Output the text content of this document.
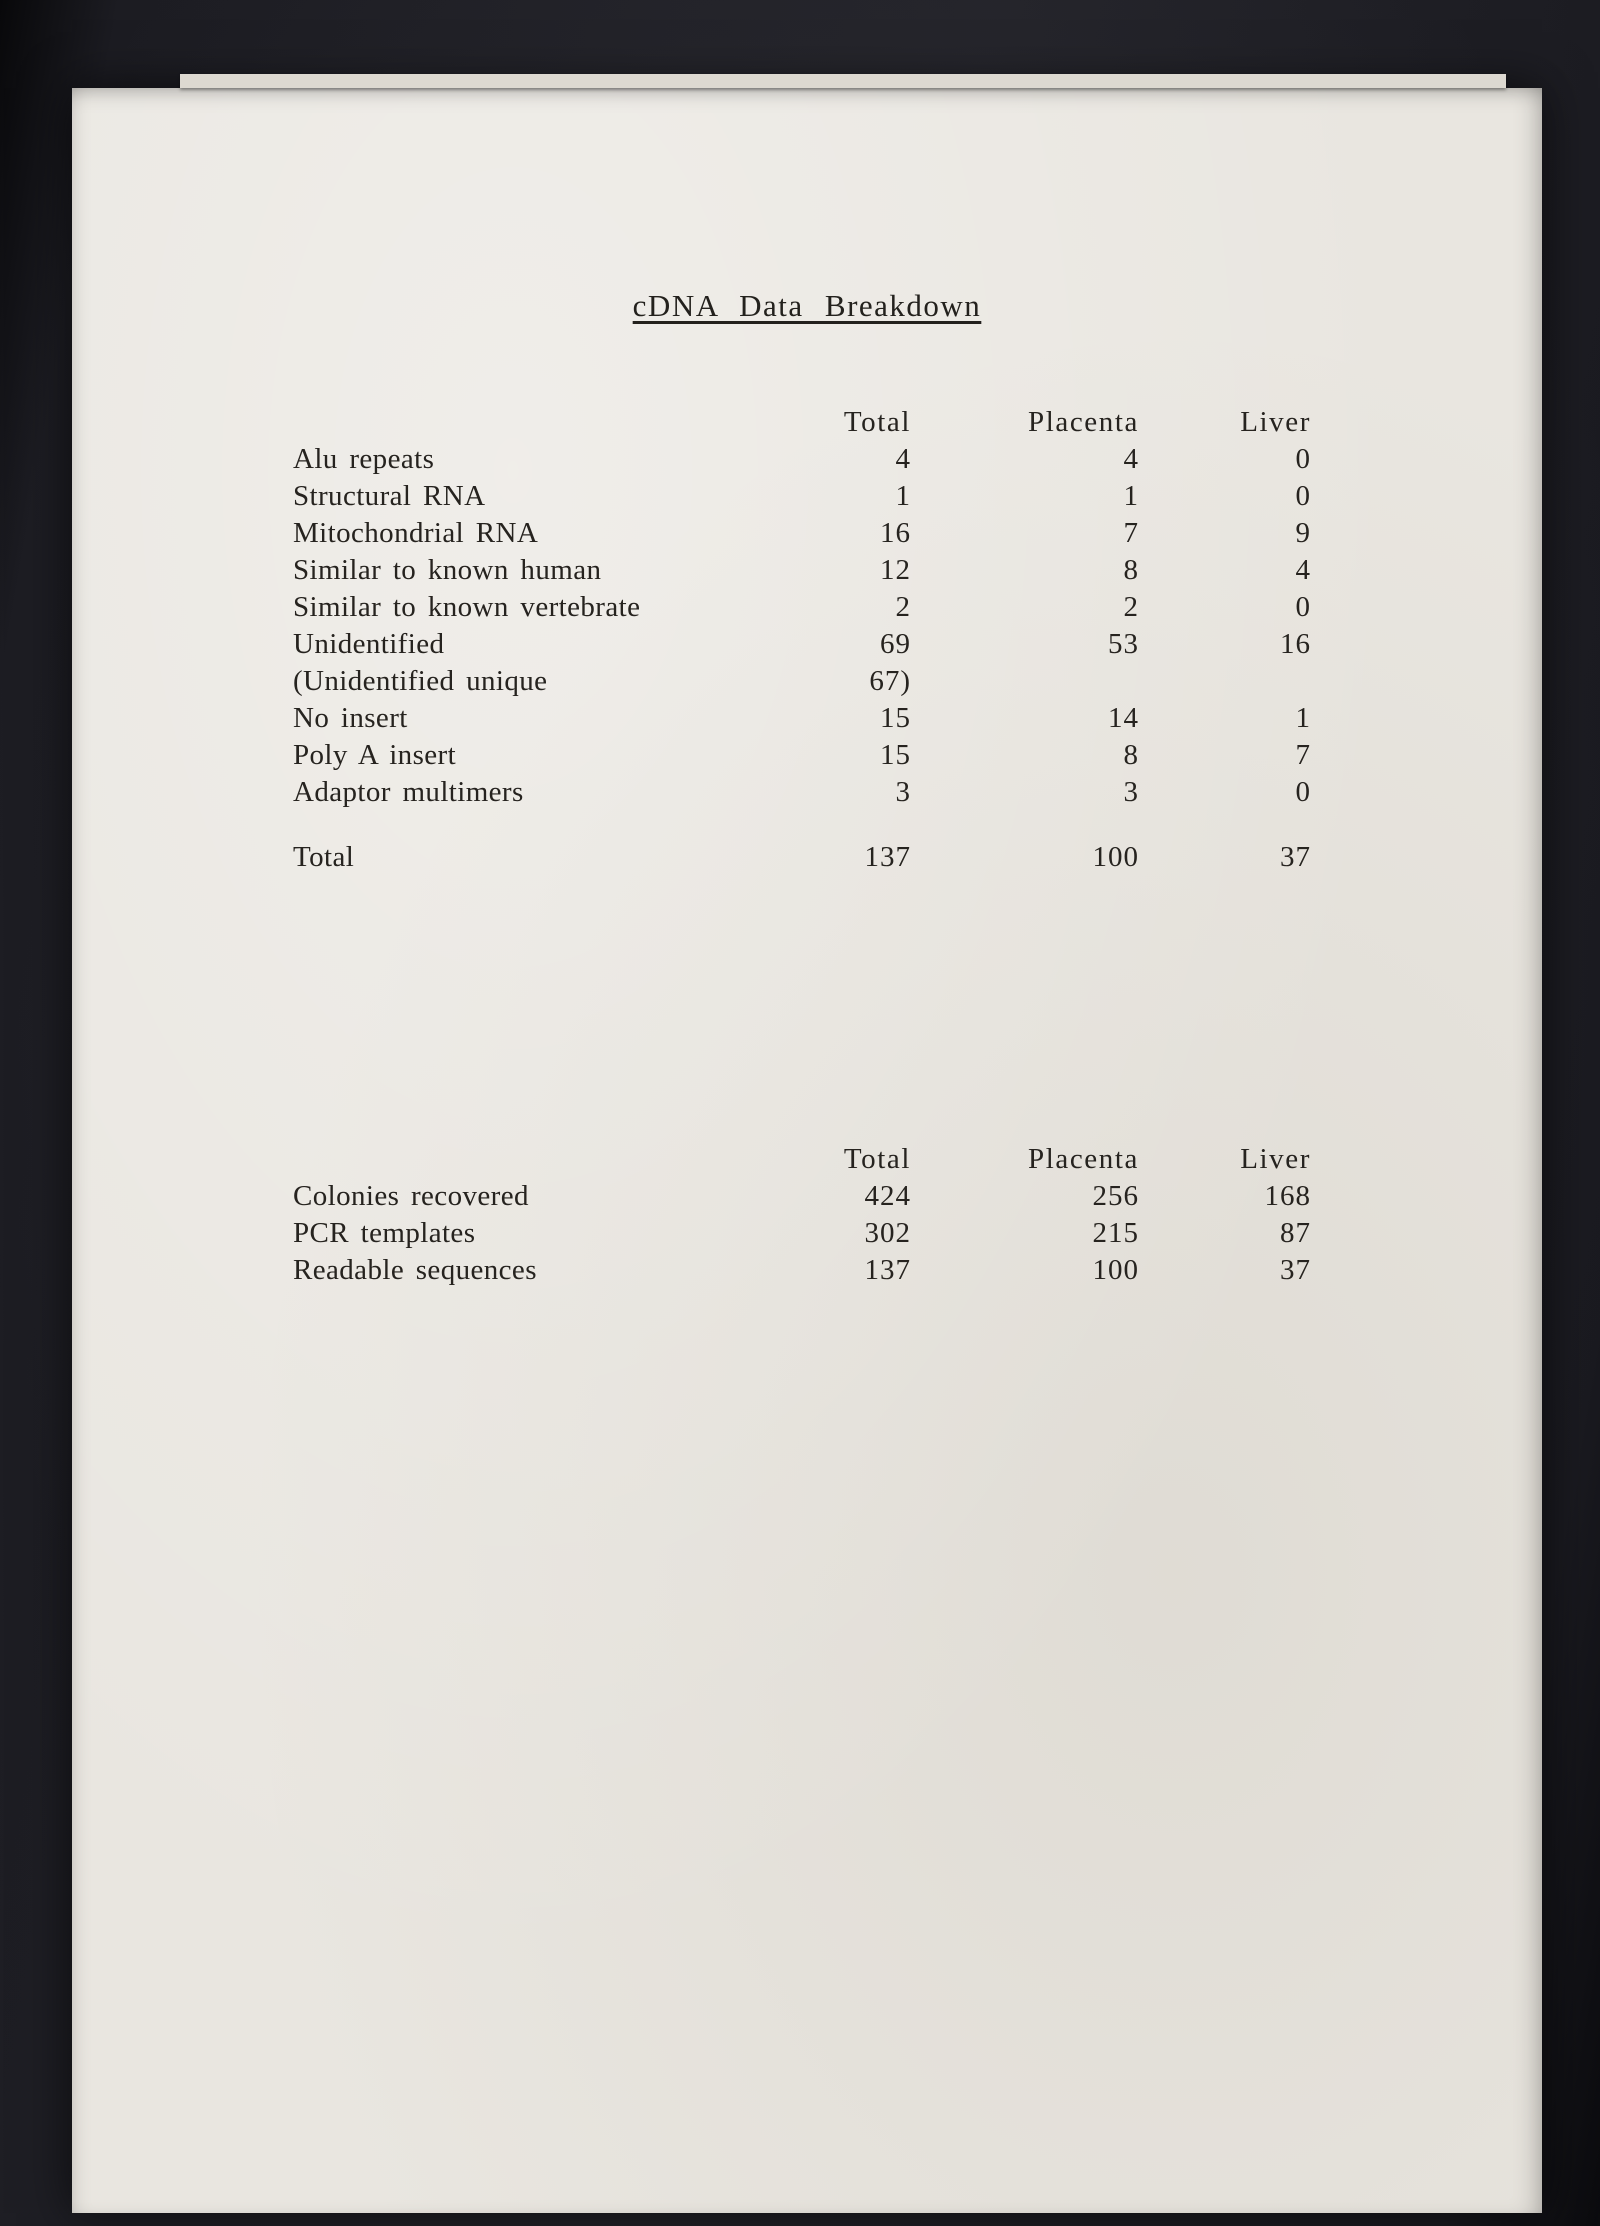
cDNA Data Breakdown
Total	Placenta	Liver
Alu repeats	4	4	0
Structural RNA	1	1	0
Mitochondrial RNA	16	7	9
Similar to known human	12	8	4
Similar to known vertebrate	2	2	0
Unidentified	69	53	16
(Unidentified unique	67)
No insert	15	14	1
Poly A insert	15	8	7
Adaptor multimers	3	3	0
Total	137	100	37
Total	Placenta	Liver
Colonies recovered	424	256	168
PCR templates	302	215	87
Readable sequences	137	100	37
